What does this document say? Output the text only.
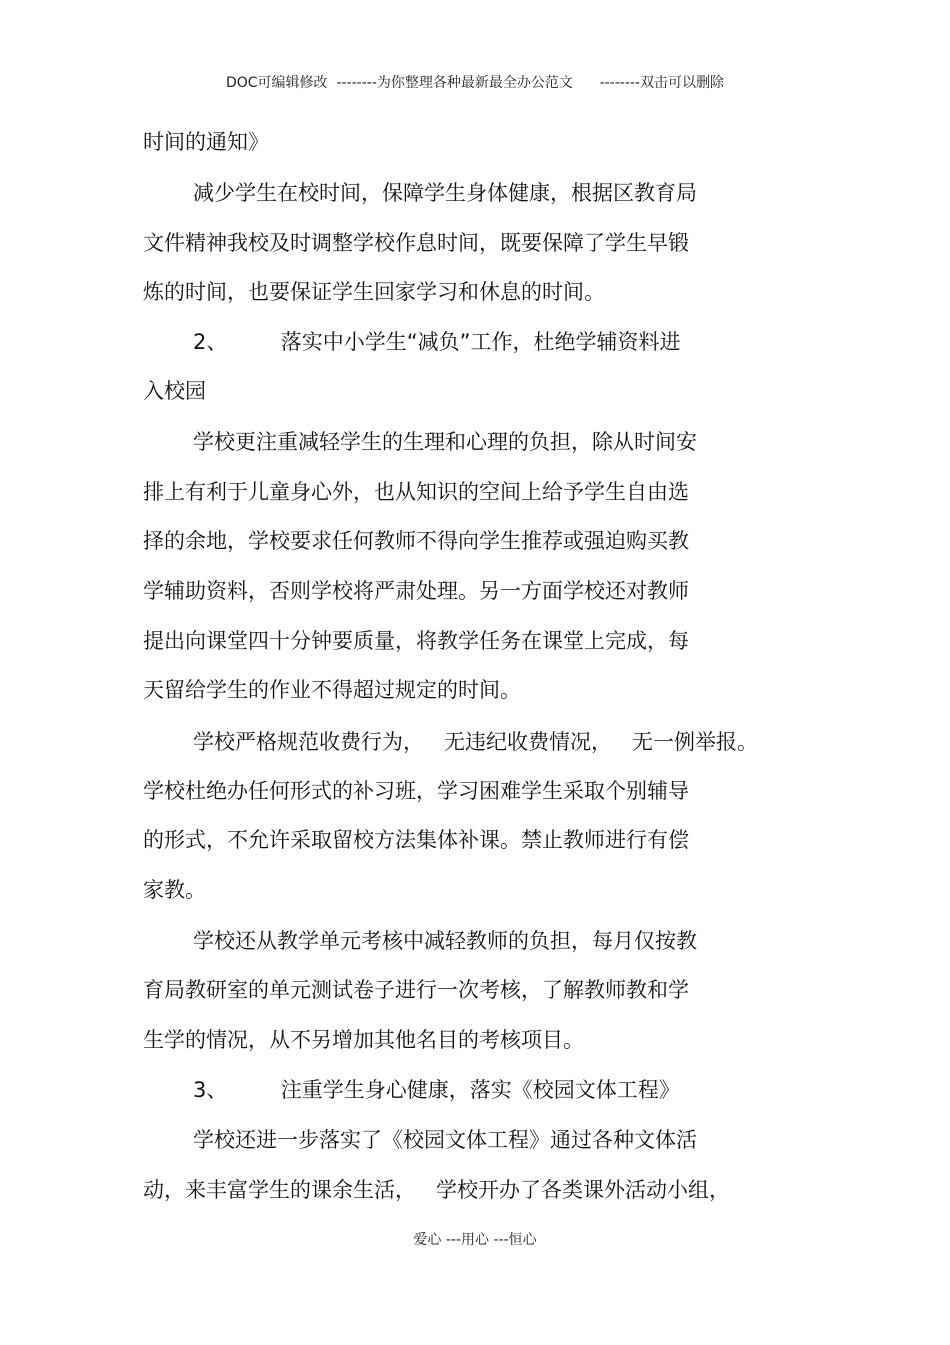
DOC可编辑修改  --------为你整理各种最新最全办公范文      --------双击可以删除
时间的通知》
减少学生在校时间，保障学生身体健康，根据区教育局
文件精神我校及时调整学校作息时间，既要保障了学生早锻
炼的时间，也要保证学生回家学习和休息的时间。
2、        落实中小学生“减负”工作，杜绝学辅资料进
入校园
学校更注重减轻学生的生理和心理的负担，除从时间安
排上有利于儿童身心外，也从知识的空间上给予学生自由选
择的余地，学校要求任何教师不得向学生推荐或强迫购买教
学辅助资料，否则学校将严肃处理。另一方面学校还对教师
提出向课堂四十分钟要质量，将教学任务在课堂上完成，每
天留给学生的作业不得超过规定的时间。
学校严格规范收费行为，   无违纪收费情况，   无一例举报。
学校杜绝办任何形式的补习班，学习困难学生采取个别辅导
的形式，不允许采取留校方法集体补课。禁止教师进行有偿
家教。
学校还从教学单元考核中减轻教师的负担，每月仅按教
育局教研室的单元测试卷子进行一次考核，了解教师教和学
生学的情况，从不另增加其他名目的考核项目。
3、        注重学生身心健康，落实《校园文体工程》
学校还进一步落实了《校园文体工程》通过各种文体活
动，来丰富学生的课余生活，   学校开办了各类课外活动小组，
爱心 ---用心 ---恒心
